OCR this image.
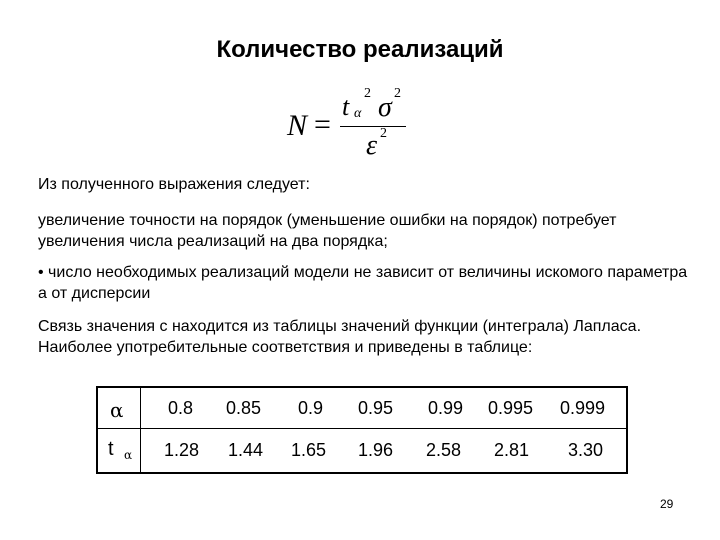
Количество реализаций
N =
t α
2 σ 2
ε 2
Из полученного выражения следует:
увеличение точности на порядок (уменьшение ошибки на порядок) потребует увеличения числа реализаций на два порядка;
• число необходимых реализаций модели не зависит от величины искомого параметра а от дисперсии
Связь значения с находится из таблицы значений функции (интеграла) Лапласа. Наиболее употребительные соответствия и приведены в таблице:
α
t α
0.8 0.85 0.9 0.95 0.99 0.995 0.999
1.28 1.44 1.65 1.96 2.58 2.81 3.30
29
